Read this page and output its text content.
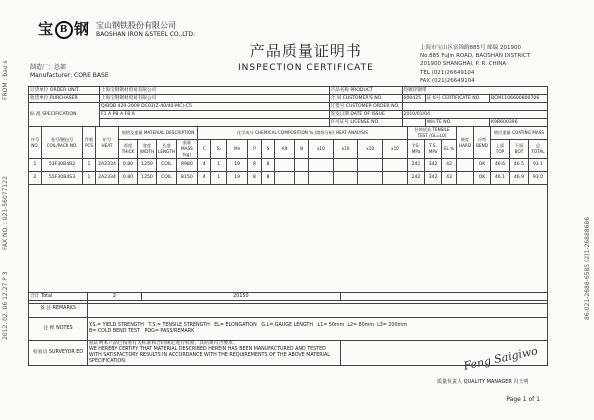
2012. 02. 06 12:27 P 3
FAX NO. : 021-56077122
FROM : bao s
86-021-2688-6585 (2)1-26888686
宝 B 钢 宝山钢铁股份有限公司
BAOSHAN IRON &STEEL CO.,LTD.
产品质量证明书
INSPECTION CERTIFICATE
上海市宝山区富锦路885号 邮编 201900
No.885 FuJin ROAD, BAOSHAN DISTRICT
201900 SHANGHAI, P. R. CHINA
TEL (021)26649104
FAX (021)26649104
制造厂：总部
Manufacturer: CORE BASE
订货单位 ORDER UNIT	上海宝钢钢材贸易有限公司	产品名称 PRODUCT	热镀锌钢带		
收货单位 PURCHASER	上海宝钢钢材贸易有限公司	合 同 CUSTOMER'S NO.	000425	证书号 CERTIFICATE NO.	BCM1106600800706
标 准 SPECIFICATION	Q/BQB 420-2009 DC03(Z-40/40-MC)-C5	订货号 CUSTOMER ORDER NO.			
	F1 A PB A F8 A	签发日期 DATE OF ISSUE	2010/01/04		
		许可证号 LICENSE NO.		WH.TE NO.	K9B600396
序号 NO.	卷号/捆包号 COIL/PACK NO.	件数 PCS	炉号 HEAT	规格及重量 MATERIAL DESCRIPTION				化学成分 CHEMICAL COMPOSITION % (熔炼分析) HEAT ANALYSIS											拉伸试验 TENSILE TEST (GL=L0)			硬度 HARD	冷弯 BEND	镀层重量 COATING MASS		
				厚度 THICK	宽度 WIDTH	长度 LENGTH	重量 MASS (kg)	C	Si	Mn	P	S	Alt	N	x10	x10	x10	x10	Y.S. MPa	T.S. MPa	EL %			上面 TOP	下面 BOT	总 TOTAL
1	53F30B4B2	1	2A2334	0.80	1250	COIL	8980	4	1	19	8	8							241	342	42		OK	46.6	46.5	93.1
2	55F30B4S3	1	2A2334	0.80	1250	COIL	8150	4	1	19	8	8							242	342	43		OK	46.1	46.9	93.0

合计 Total	2	20150	
备 注 REMARKS			
注 释 NOTES	Y.S.= YIELD STRENGTH T.S.= TENSILE STRENGTH EL= ELONGATION G.L= GAUGE LENGTH L1= 50mm L2= 80mm L3= 200mm
B= COLD BEND TEST POG= PASS/REMARK		
检验员 SURVEYOR ED	兹证明本产品已按照有关标准和合同规定进行检验，其结果符合要求。
WE HEREBY CERTIFY THAT MATERIAL DESCRIBED HEREIN HAS BEEN MANUFACTURED AND TESTED WITH SATISFACTORY RESULTS IN ACCORDANCE WITH THE REQUIREMENTS OF THE ABOVE MATERIAL SPECIFICATION.		
		Feng Saigiwo
质量负责人 QUALITY MANAGER 冯士明
Page 1 of 1
